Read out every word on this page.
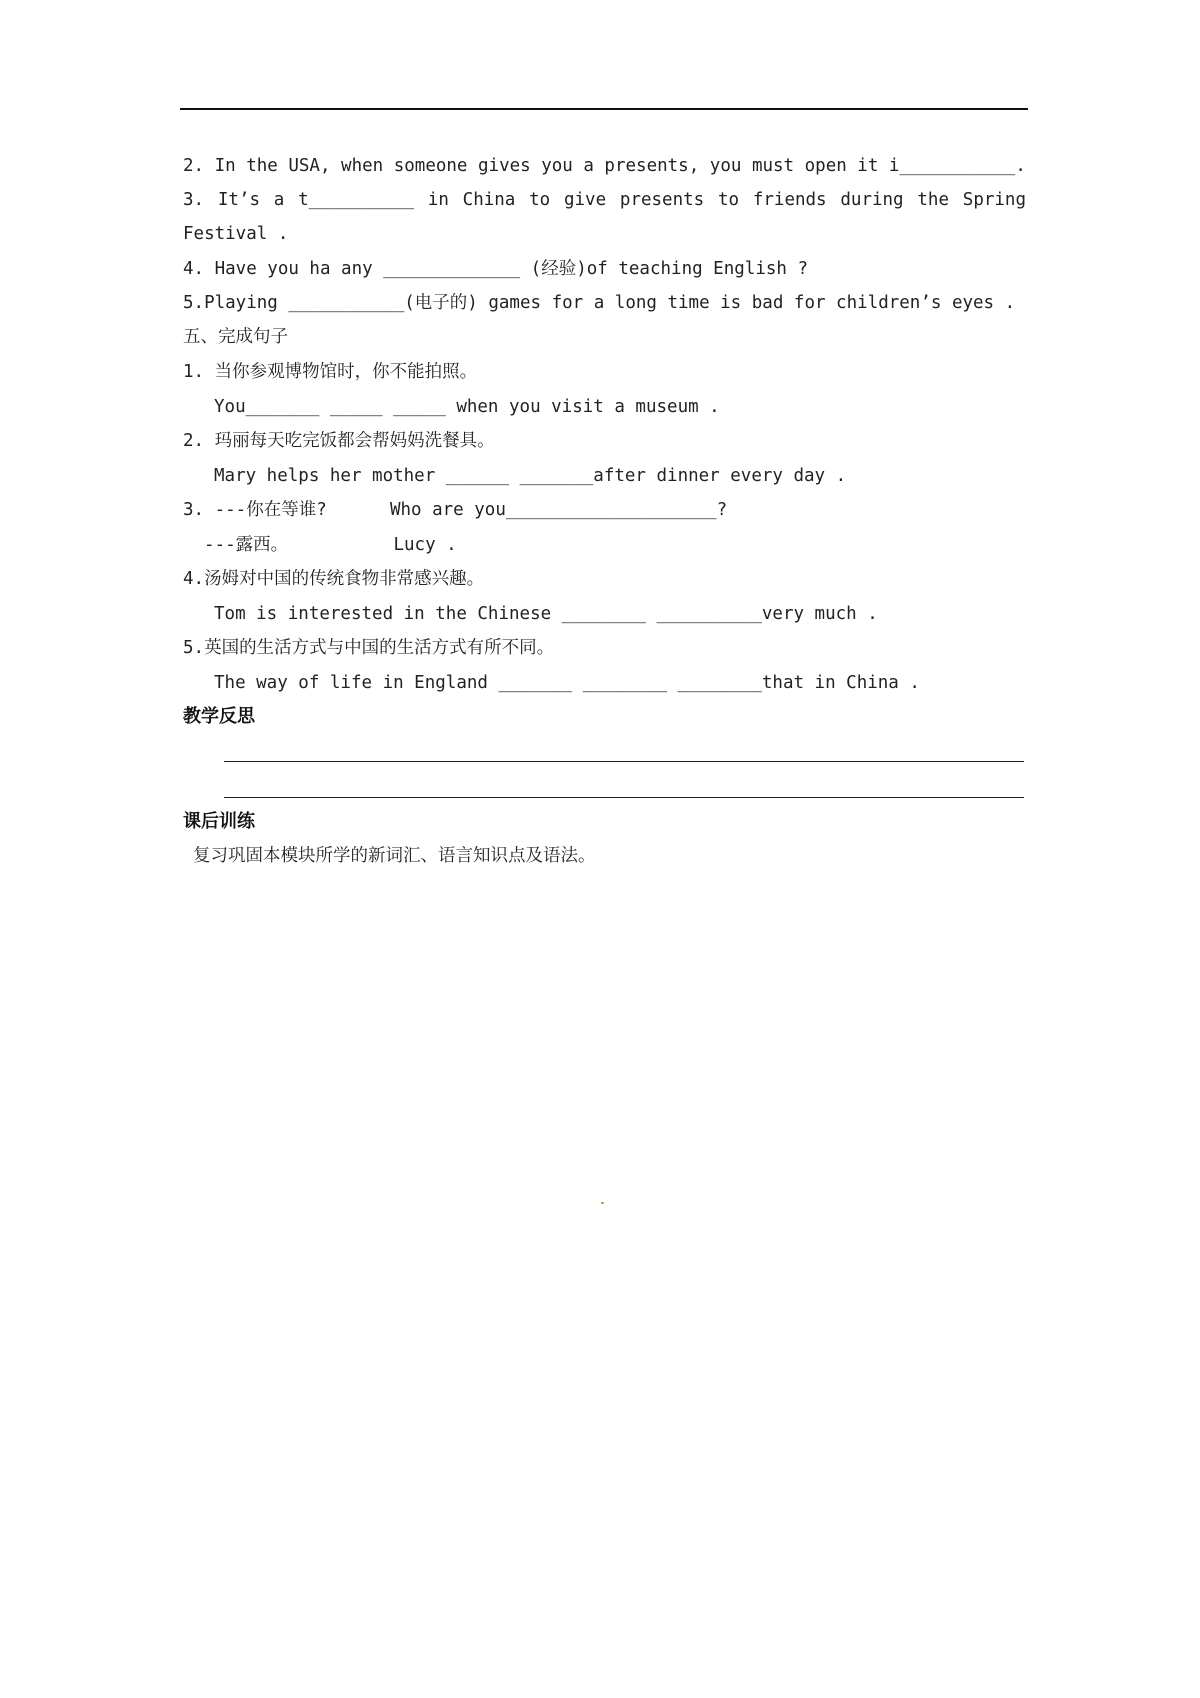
2. In the USA, when someone gives you a presents, you must open it i___________.
3. It’s a t__________ in China to give presents to friends during the Spring
Festival .
4. Have you ha any _____________ (经验)of teaching English ?
5.Playing ___________(电子的) games for a long time is bad for children’s eyes .
五、完成句子
1. 当你参观博物馆时，你不能拍照。
You_______ _____ _____ when you visit a museum .
2. 玛丽每天吃完饭都会帮妈妈洗餐具。
Mary helps her mother ______ _______after dinner every day .
3. ---你在等谁?      Who are you____________________?
---露西。          Lucy .
4.汤姆对中国的传统食物非常感兴趣。
Tom is interested in the Chinese ________ __________very much .
5.英国的生活方式与中国的生活方式有所不同。
The way of life in England _______ ________ ________that in China .
教学反思
课后训练
复习巩固本模块所学的新词汇、语言知识点及语法。
